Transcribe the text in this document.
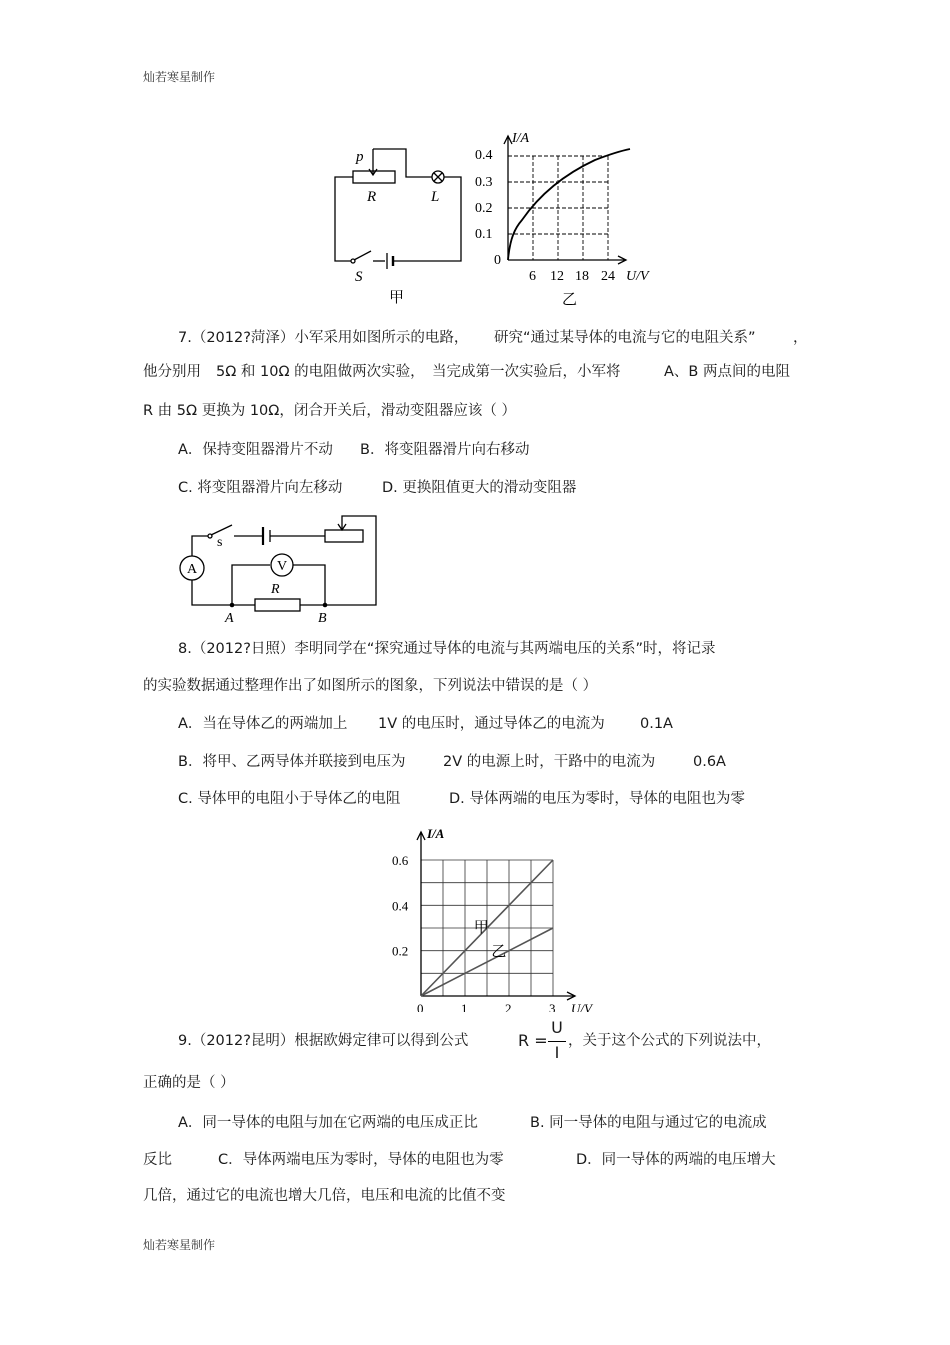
灿若寒星制作
灿若寒星制作
p
R	L
S
甲
I/A
0.4
0.3
0.2
0.1
0
6 12 18 24 U/V
乙
7.（2012?菏泽）小军采用如图所示的电路， 研究“通过某导体的电流与它的电阻关系”	，
他分别用 5Ω 和 10Ω 的电阻做两次实验， 当完成第一次实验后，小军将	A、B 两点间的电阻
R 由 5Ω 更换为 10Ω，闭合开关后，滑动变阻器应该（ ）
A．保持变阻器滑片不动 B．将变阻器滑片向右移动
C. 将变阻器滑片向左移动	D. 更换阻值更大的滑动变阻器
s
A	V
R
A	B
8.（2012?日照）李明同学在“探究通过导体的电流与其两端电压的关系”时，将记录
的实验数据通过整理作出了如图所示的图象，下列说法中错误的是（ ）
A．当在导体乙的两端加上 1V 的电压时，通过导体乙的电流为 0.1A
B．将甲、乙两导体并联接到电压为	2V 的电源上时，干路中的电流为	0.6A
C. 导体甲的电阻小于导体乙的电阻	D. 导体两端的电压为零时，导体的电阻也为零
0.2
0.4
0.6
0	1	2	3
I/A
U/V
甲
乙
9.（2012?昆明）根据欧姆定律可以得到公式	R =
U
I
，关于这个公式的下列说法中，
正确的是（ ）
A．同一导体的电阻与加在它两端的电压成正比	B. 同一导体的电阻与通过它的电流成
反比	C．导体两端电压为零时，导体的电阻也为零	D．同一导体的两端的电压增大
几倍，通过它的电流也增大几倍，电压和电流的比值不变
